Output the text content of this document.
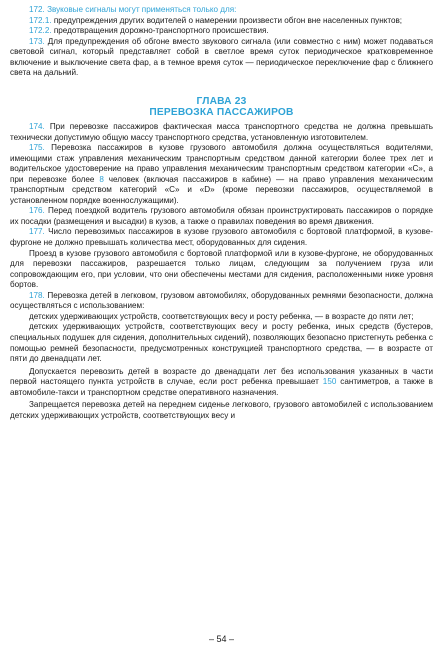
172. Звуковые сигналы могут применяться только для:

172.1. предупреждения других водителей о намерении произвести обгон вне населенных пунктов;

172.2. предотвращения дорожно-транспортного происшествия.

173. Для предупреждения об обгоне вместо звукового сигнала (или совместно с ним) может подаваться световой сигнал, который представляет собой в светлое время суток периодическое кратковременное включение и выключение света фар, а в темное время суток — периодическое переключение фар с ближнего света на дальний.

ГЛАВА 23
ПЕРЕВОЗКА ПАССАЖИРОВ

174. При перевозке пассажиров фактическая масса транспортного средства не должна превышать технически допустимую общую массу транспортного средства, установленную изготовителем.

175. Перевозка пассажиров в кузове грузового автомобиля должна осуществляться водителями, имеющими стаж управления механическим транспортным средством данной категории более трех лет и водительское удостоверение на право управления механическим транспортным средством категории «С», а при перевозке более 8 человек (включая пассажиров в кабине) — на право управления механическим транспортным средством категорий «С» и «D» (кроме перевозки пассажиров, осуществляемой в установленном порядке военнослужащими).

176. Перед поездкой водитель грузового автомобиля обязан проинструктировать пассажиров о порядке их посадки (размещения и высадки) в кузов, а также о правилах поведения во время движения.

177. Число перевозимых пассажиров в кузове грузового автомобиля с бортовой платформой, в кузове-фургоне не должно превышать количества мест, оборудованных для сидения.

Проезд в кузове грузового автомобиля с бортовой платформой или в кузове-фургоне, не оборудованных для перевозки пассажиров, разрешается только лицам, следующим за получением груза или сопровождающим его, при условии, что они обеспечены местами для сидения, расположенными ниже уровня бортов.

178. Перевозка детей в легковом, грузовом автомобилях, оборудованных ремнями безопасности, должна осуществляться с использованием:

детских удерживающих устройств, соответствующих весу и росту ребенка, — в возрасте до пяти лет;

детских удерживающих устройств, соответствующих весу и росту ребенка, иных средств (бустеров, специальных подушек для сидения, дополнительных сидений), позволяющих безопасно пристегнуть ребенка с помощью ремней безопасности, предусмотренных конструкцией транспортного средства, — в возрасте от пяти до двенадцати лет.

Допускается перевозить детей в возрасте до двенадцати лет без использования указанных в части первой настоящего пункта устройств в случае, если рост ребенка превышает 150 сантиметров, а также в автомобиле-такси и транспортном средстве оперативного назначения.

Запрещается перевозка детей на переднем сиденье легкового, грузового автомобилей с использованием детских удерживающих устройств, соответствующих весу и

– 54 –
